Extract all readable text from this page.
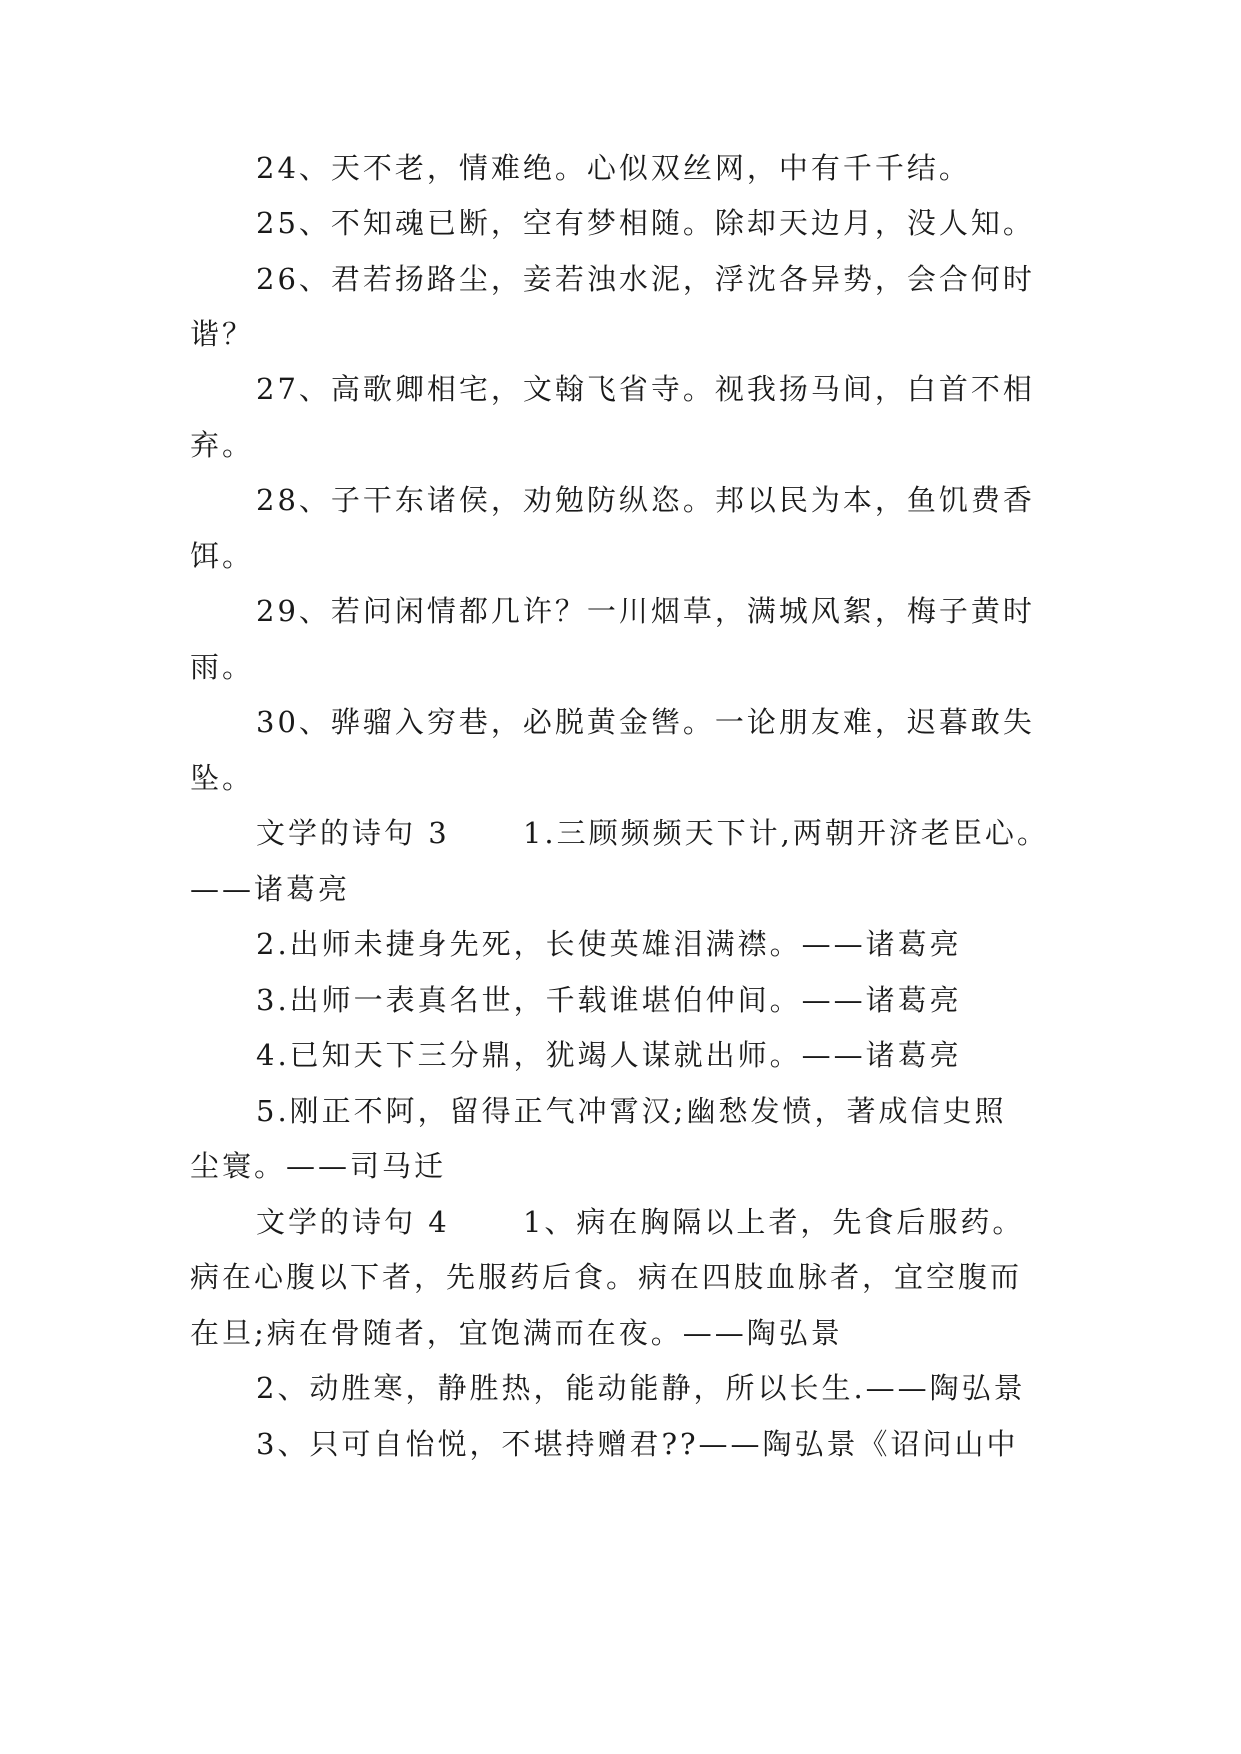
24、天不老，情难绝。心似双丝网，中有千千结。
25、不知魂已断，空有梦相随。除却天边月，没人知。
26、君若扬路尘，妾若浊水泥，浮沈各异势，会合何时
谐？
27、高歌卿相宅，文翰飞省寺。视我扬马间，白首不相
弃。
28、子干东诸侯，劝勉防纵恣。邦以民为本，鱼饥费香
饵。
29、若问闲情都几许？一川烟草，满城风絮，梅子黄时
雨。
30、骅骝入穷巷，必脱黄金辔。一论朋友难，迟暮敢失
坠。
文学的诗句 3      1.三顾频频天下计,两朝开济老臣心。
——诸葛亮
2.出师未捷身先死，长使英雄泪满襟。——诸葛亮
3.出师一表真名世，千载谁堪伯仲间。——诸葛亮
4.已知天下三分鼎，犹竭人谋就出师。——诸葛亮
5.刚正不阿，留得正气冲霄汉;幽愁发愤，著成信史照
尘寰。——司马迁
文学的诗句 4      1、病在胸隔以上者，先食后服药。
病在心腹以下者，先服药后食。病在四肢血脉者，宜空腹而
在旦;病在骨随者，宜饱满而在夜。——陶弘景
2、动胜寒，静胜热，能动能静，所以长生.——陶弘景
3、只可自怡悦，不堪持赠君??——陶弘景《诏问山中
